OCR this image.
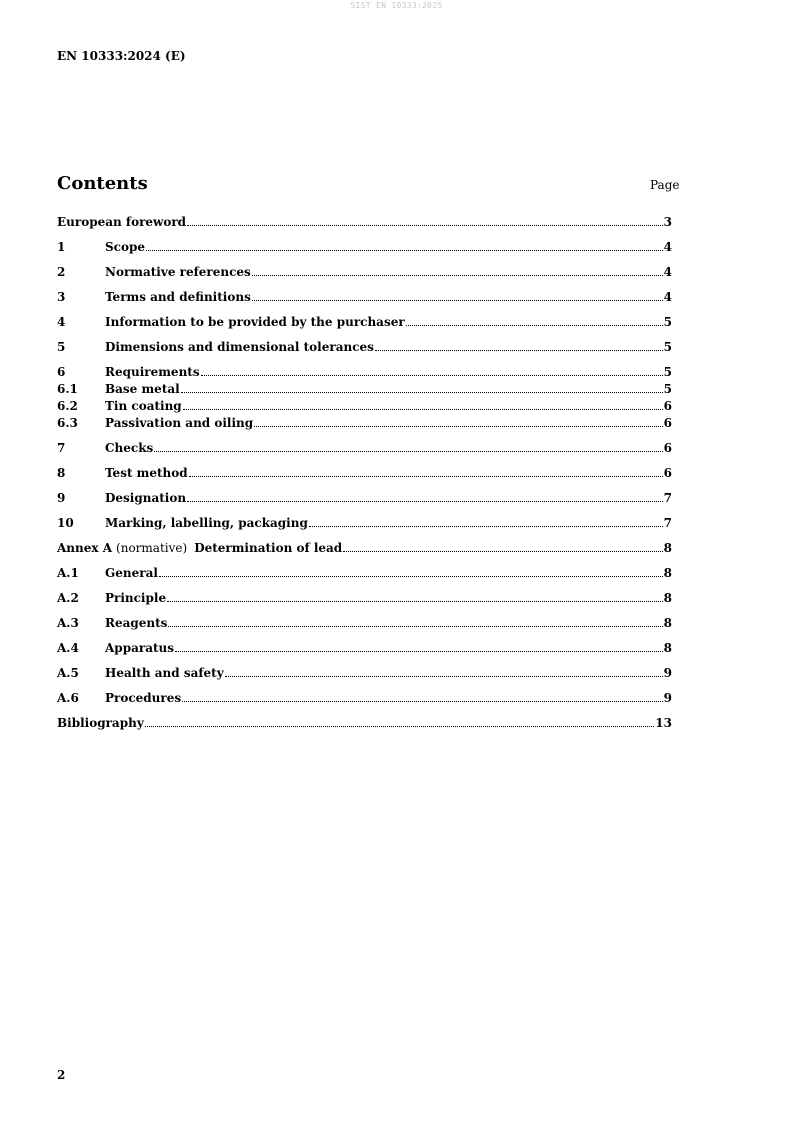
SIST EN 10333:2025
EN 10333:2024 (E)
Contents	Page
European foreword	3
1	Scope	4
2	Normative references	4
3	Terms and definitions	4
4	Information to be provided by the purchaser	5
5	Dimensions and dimensional tolerances	5
6	Requirements	5
6.1	Base metal	5
6.2	Tin coating	6
6.3	Passivation and oiling	6
7	Checks	6
8	Test method	6
9	Designation	7
10	Marking, labelling, packaging	7
Annex A (normative) Determination of lead	8
A.1	General	8
A.2	Principle	8
A.3	Reagents	8
A.4	Apparatus	8
A.5	Health and safety	9
A.6	Procedures	9
Bibliography	13
2
